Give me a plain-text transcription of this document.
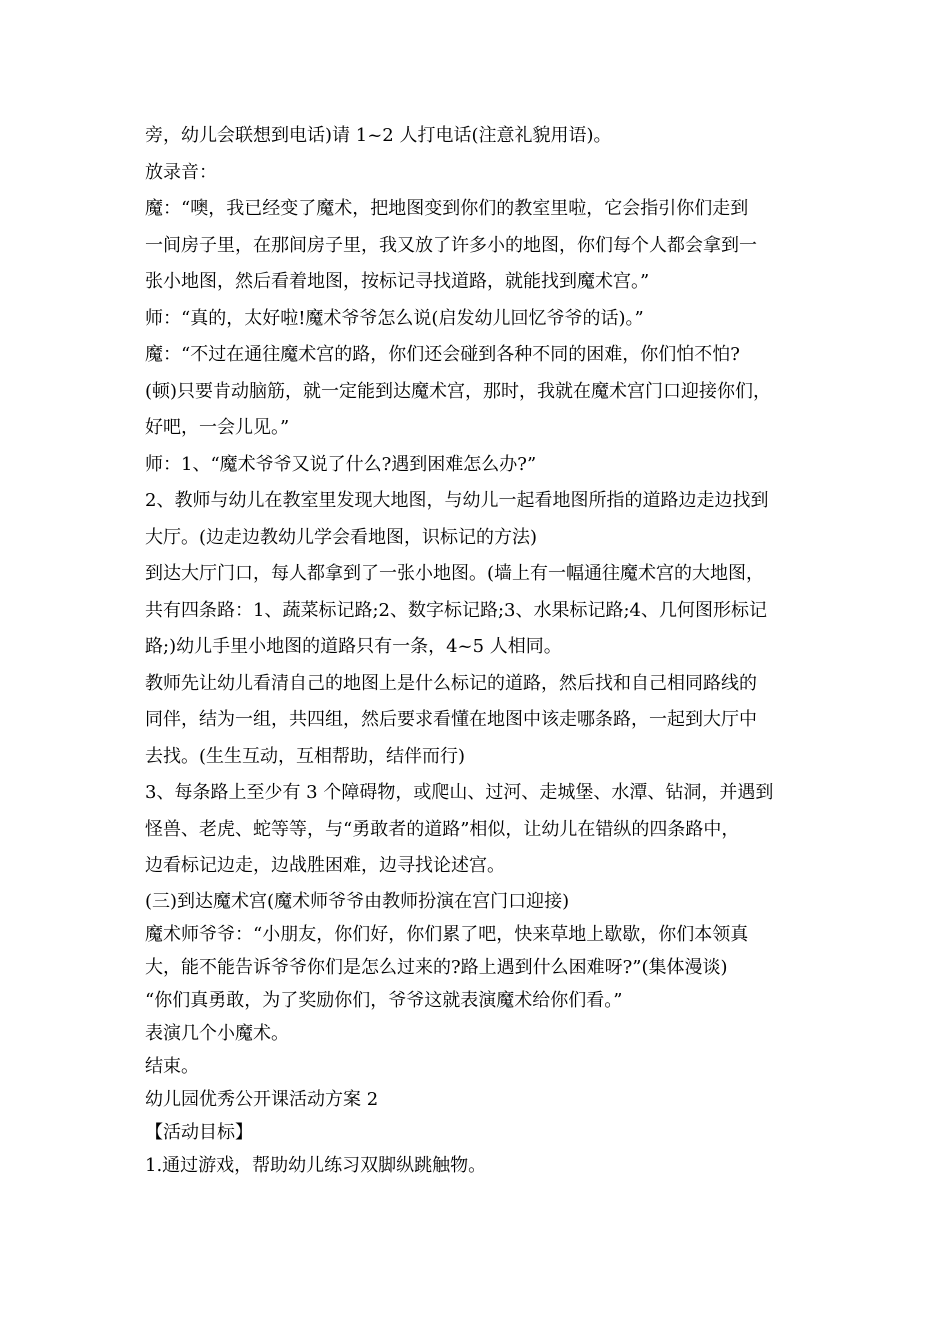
旁，幼儿会联想到电话)请 1~2 人打电话(注意礼貌用语)。
放录音：
魔：“噢，我已经变了魔术，把地图变到你们的教室里啦，它会指引你们走到
一间房子里，在那间房子里，我又放了许多小的地图，你们每个人都会拿到一
张小地图，然后看着地图，按标记寻找道路，就能找到魔术宫。”
师：“真的，太好啦!魔术爷爷怎么说(启发幼儿回忆爷爷的话)。”
魔：“不过在通往魔术宫的路，你们还会碰到各种不同的困难，你们怕不怕?
(顿)只要肯动脑筋，就一定能到达魔术宫，那时，我就在魔术宫门口迎接你们，
好吧，一会儿见。”
师：1、“魔术爷爷又说了什么?遇到困难怎么办?”
2、教师与幼儿在教室里发现大地图，与幼儿一起看地图所指的道路边走边找到
大厅。(边走边教幼儿学会看地图，识标记的方法)
到达大厅门口，每人都拿到了一张小地图。(墙上有一幅通往魔术宫的大地图，
共有四条路：1、蔬菜标记路;2、数字标记路;3、水果标记路;4、几何图形标记
路;)幼儿手里小地图的道路只有一条，4~5 人相同。
教师先让幼儿看清自己的地图上是什么标记的道路，然后找和自己相同路线的
同伴，结为一组，共四组，然后要求看懂在地图中该走哪条路，一起到大厅中
去找。(生生互动，互相帮助，结伴而行)
3、每条路上至少有 3 个障碍物，或爬山、过河、走城堡、水潭、钻洞，并遇到
怪兽、老虎、蛇等等，与“勇敢者的道路”相似，让幼儿在错纵的四条路中，
边看标记边走，边战胜困难，边寻找论述宫。
(三)到达魔术宫(魔术师爷爷由教师扮演在宫门口迎接)
魔术师爷爷：“小朋友，你们好，你们累了吧，快来草地上歇歇，你们本领真
大，能不能告诉爷爷你们是怎么过来的?路上遇到什么困难呀?”(集体漫谈)
“你们真勇敢，为了奖励你们，爷爷这就表演魔术给你们看。”
表演几个小魔术。
结束。
幼儿园优秀公开课活动方案 2
【活动目标】
1.通过游戏，帮助幼儿练习双脚纵跳触物。
